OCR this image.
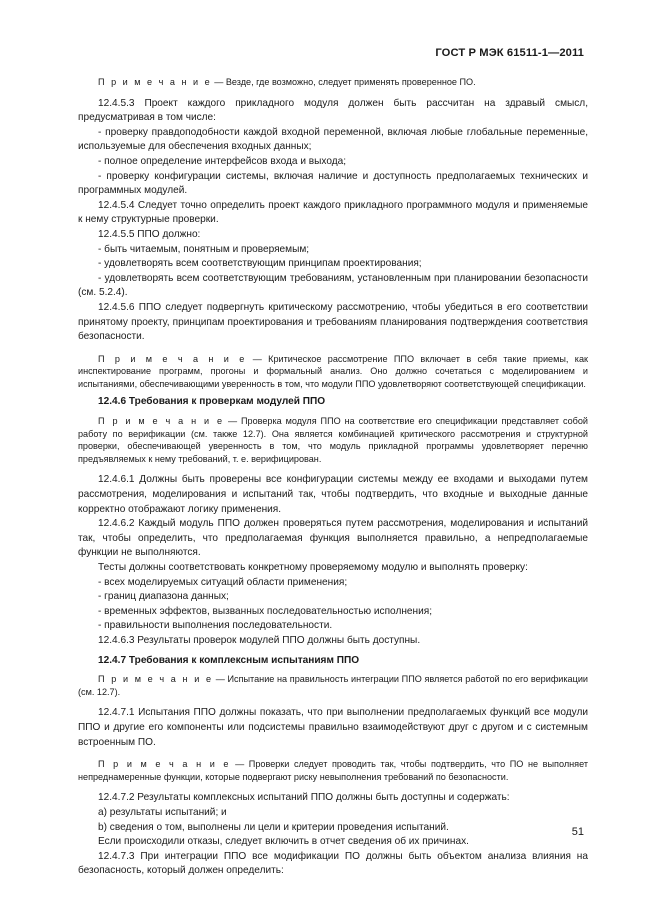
ГОСТ Р МЭК 61511-1—2011

П р и м е ч а н и е — Везде, где возможно, следует применять проверенное ПО.

12.4.5.3 Проект каждого прикладного модуля должен быть рассчитан на здравый смысл, предусматривая в том числе:

- проверку правдоподобности каждой входной переменной, включая любые глобальные переменные, используемые для обеспечения входных данных;

- полное определение интерфейсов входа и выхода;

- проверку конфигурации системы, включая наличие и доступность предполагаемых технических и программных модулей.

12.4.5.4 Следует точно определить проект каждого прикладного программного модуля и применяемые к нему структурные проверки.

12.4.5.5 ППО должно:

- быть читаемым, понятным и проверяемым;

- удовлетворять всем соответствующим принципам проектирования;

- удовлетворять всем соответствующим требованиям, установленным при планировании безопасности (см. 5.2.4).

12.4.5.6 ППО следует подвергнуть критическому рассмотрению, чтобы убедиться в его соответствии принятому проекту, принципам проектирования и требованиям планирования подтверждения соответствия безопасности.

П р и м е ч а н и е — Критическое рассмотрение ППО включает в себя такие приемы, как инспектирование программ, прогоны и формальный анализ. Оно должно сочетаться с моделированием и испытаниями, обеспечивающими уверенность в том, что модули ППО удовлетворяют соответствующей спецификации.

12.4.6 Требования к проверкам модулей ППО

П р и м е ч а н и е — Проверка модуля ППО на соответствие его спецификации представляет собой работу по верификации (см. также 12.7). Она является комбинацией критического рассмотрения и структурной проверки, обеспечивающей уверенность в том, что модуль прикладной программы удовлетворяет перечню предъявляемых к нему требований, т. е. верифицирован.

12.4.6.1 Должны быть проверены все конфигурации системы между ее входами и выходами путем рассмотрения, моделирования и испытаний так, чтобы подтвердить, что входные и выходные данные корректно отображают логику применения.

12.4.6.2 Каждый модуль ППО должен проверяться путем рассмотрения, моделирования и испытаний так, чтобы определить, что предполагаемая функция выполняется правильно, а непредполагаемые функции не выполняются.

Тесты должны соответствовать конкретному проверяемому модулю и выполнять проверку:

- всех моделируемых ситуаций области применения;

- границ диапазона данных;

- временных эффектов, вызванных последовательностью исполнения;

- правильности выполнения последовательности.

12.4.6.3 Результаты проверок модулей ППО должны быть доступны.

12.4.7 Требования к комплексным испытаниям ППО

П р и м е ч а н и е — Испытание на правильность интеграции ППО является работой по его верификации (см. 12.7).

12.4.7.1 Испытания ППО должны показать, что при выполнении предполагаемых функций все модули ППО и другие его компоненты или подсистемы правильно взаимодействуют друг с другом и с системным встроенным ПО.

П р и м е ч а н и е — Проверки следует проводить так, чтобы подтвердить, что ПО не выполняет непреднамеренные функции, которые подвергают риску невыполнения требований по безопасности.

12.4.7.2 Результаты комплексных испытаний ППО должны быть доступны и содержать:

a) результаты испытаний; и

b) сведения о том, выполнены ли цели и критерии проведения испытаний.

Если происходили отказы, следует включить в отчет сведения об их причинах.

12.4.7.3 При интеграции ППО все модификации ПО должны быть объектом анализа влияния на безопасность, который должен определить:

51
